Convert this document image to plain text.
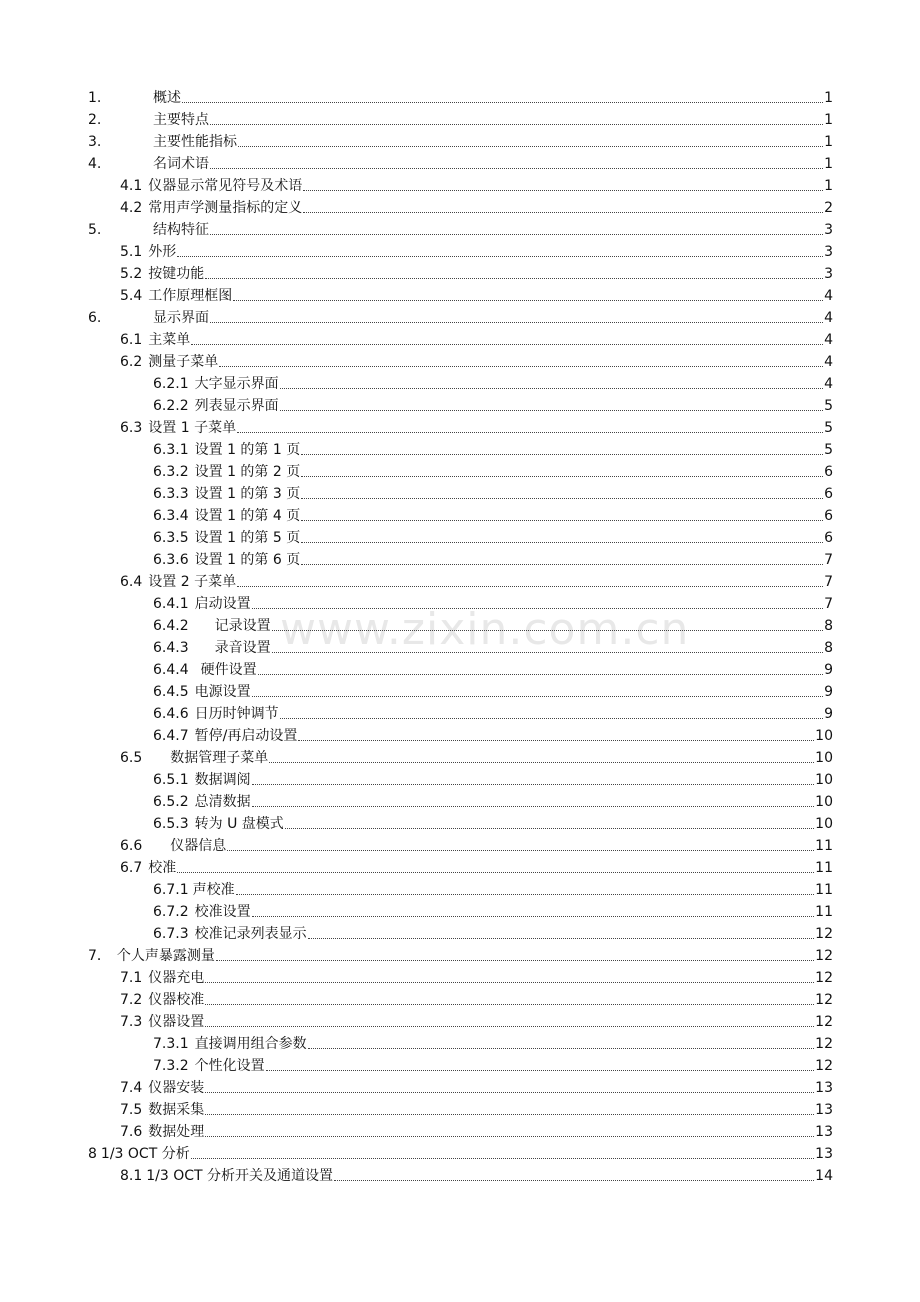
www.zixin.com.cn
1.	概述	1
2.	主要特点	1
3.	主要性能指标	1
4.	名词术语	1
4.1 仪器显示常见符号及术语	1
4.2 常用声学测量指标的定义	2
5.	结构特征	3
5.1 外形	3
5.2 按键功能	3
5.4 工作原理框图	4
6.	显示界面	4
6.1 主菜单	4
6.2 测量子菜单	4
6.2.1 大字显示界面	4
6.2.2 列表显示界面	5
6.3 设置 1 子菜单	5
6.3.1 设置 1 的第 1 页	5
6.3.2 设置 1 的第 2 页	6
6.3.3 设置 1 的第 3 页	6
6.3.4 设置 1 的第 4 页	6
6.3.5 设置 1 的第 5 页	6
6.3.6 设置 1 的第 6 页	7
6.4 设置 2 子菜单	7
6.4.1 启动设置	7
6.4.2 记录设置	8
6.4.3 录音设置	8
6.4.4 硬件设置	9
6.4.5 电源设置	9
6.4.6 日历时钟调节	9
6.4.7 暂停/再启动设置	10
6.5 数据管理子菜单	10
6.5.1 数据调阅	10
6.5.2 总清数据	10
6.5.3 转为 U 盘模式	10
6.6 仪器信息	11
6.7 校准	11
6.7.1 声校准	11
6.7.2 校准设置	11
6.7.3 校准记录列表显示	12
7． 个人声暴露测量	12
7.1 仪器充电	12
7.2 仪器校准	12
7.3 仪器设置	12
7.3.1 直接调用组合参数	12
7.3.2 个性化设置	12
7.4 仪器安装	13
7.5 数据采集	13
7.6 数据处理	13
8 1/3 OCT 分析	13
8.1 1/3 OCT 分析开关及通道设置	14
